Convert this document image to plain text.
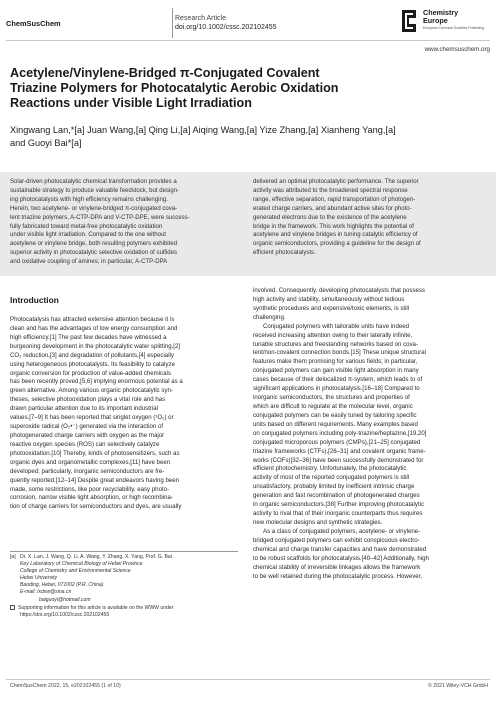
ChemSusChem
Research Article
doi.org/10.1002/cssc.202102455
Chemistry
Europe
European Chemical Societies Publishing
www.chemsuschem.org
Acetylene/Vinylene-Bridged π-Conjugated Covalent
Triazine Polymers for Photocatalytic Aerobic Oxidation
Reactions under Visible Light Irradiation
Xingwang Lan,*[a] Juan Wang,[a] Qing Li,[a] Aiqing Wang,[a] Yize Zhang,[a] Xianheng Yang,[a]
and Guoyi Bai*[a]
Solar-driven photocatalytic chemical transformation provides a
sustainable strategy to produce valuable feedstock, but design-
ing photocatalysts with high efficiency remains challenging.
Herein, two acetylene- or vinylene-bridged π-conjugated cova-
lent triazine polymers, A-CTP-DPA and V-CTP-DPE, were success-
fully fabricated toward metal-free photocatalytic oxidation
under visible light irradiation. Compared to the one without
acetylene or vinylene bridge, both resulting polymers exhibited
superior activity in photocatalytic selective oxidation of sulfides
and oxidative coupling of amines; in particular, A-CTP-DPA
delivered an optimal photocatalytic performance. The superior
activity was attributed to the broadened spectral response
range, effective separation, rapid transportation of photogen-
erated charge carriers, and abundant active sites for photo-
generated electrons due to the existence of the acetylene
bridge in the framework. This work highlights the potential of
acetylene and vinylene bridges in tuning catalytic efficiency of
organic semiconductors, providing a guideline for the design of
efficient photocatalysts.
Introduction
Photocatalysis has attracted extensive attention because it is
clean and has the advantages of low energy consumption and
high efficiency.[1] The past few decades have witnessed a
burgeoning development in the photocatalytic water splitting,[2]
CO₂ reduction,[3] and degradation of pollutants,[4] especially
using heterogeneous photocatalysts. Its feasibility to catalyze
organic conversion for production of value-added chemicals
has been recently proved,[5,6] implying enormous potential as a
green alternative. Among various organic photocatalytic syn-
theses, selective photooxidation plays a vital role and has
drawn particular attention due to its important industrial
values.[7–9] It has been reported that singlet oxygen (¹O₂) or
superoxide radical (O₂•⁻) generated via the interaction of
photogenerated charge carriers with oxygen as the major
reactive oxygen species (ROS) can selectively catalyze
photooxidation.[10] Thereby, kinds of photosensitizers, such as
organic dyes and organometallic complexes,[11] have been
developed; particularly, inorganic semiconductors are fre-
quently reported.[12–14] Despite great endeavors having been
made, some restrictions, like poor recyclability, easy photo-
corrosion, narrow visible light absorption, or high recombina-
tion of charge carriers for semiconductors and dyes, are usually
[a] Dr. X. Lan, J. Wang, Q. Li, A. Wang, Y. Zhang, X. Yang, Prof. G. Bai
Key Laboratory of Chemical Biology of Hebei Province
College of Chemistry and Environmental Science
Hebei University
Baoding, Hebei, 071002 (P.R. China)
E-mail: lxdxw@sina.cn
baiguoyi@hotmail.com
Supporting information for this article is available on the WWW under
https://doi.org/10.1002/cssc.202102455
involved. Consequently, developing photocatalysts that possess
high activity and stability, simultaneously without tedious
synthetic procedures and expensive/toxic elements, is still
challenging.
Conjugated polymers with tailorable units have indeed
received increasing attention owing to their laterally infinite,
tunable structures and freestanding networks based on cova-
lent/non-covalent connection bonds.[15] These unique structural
features make them promising for various fields; in particular,
conjugated polymers can gain visible light absorption in many
cases because of their delocalized π-system, which leads to of
significant applications in photocatalysis.[16–18] Compared to
inorganic semiconductors, the structures and properties of
which are difficult to regulate at the molecular level, organic
conjugated polymers can be easily tuned by tailoring specific
units based on different requirements. Many examples based
on conjugated polymers including poly-triazine/heptazine,[19,20]
conjugated microporous polymers (CMPs),[21–25] conjugated
triazine frameworks (CTFs),[26–31] and covalent organic frame-
works (COFs)[32–36] have been successfully demonstrated for
efficient photochemistry. Unfortunately, the photocatalytic
activity of most of the reported conjugated polymers is still
unsatisfactory, probably limited by inefficient intrinsic charge
generation and fast recombination of photogenerated charges
in organic semiconductors.[38] Further improving photocatalytic
activity to rival that of their inorganic counterparts thus requires
new molecular designs and synthetic strategies.
As a class of conjugated polymers, acetylene- or vinylene-
bridged conjugated polymers can exhibit conspicuous electro-
chemical and charge transfer capacities and have demonstrated
to be robust scaffolds for photocatalysis.[40–42] Additionally, high
chemical stability of irreversible linkages allows the framework
to be well retained during the photocatalytic process. However,
ChemSusChem 2022, 15, e202102455 (1 of 10)	© 2021 Wiley-VCH GmbH
